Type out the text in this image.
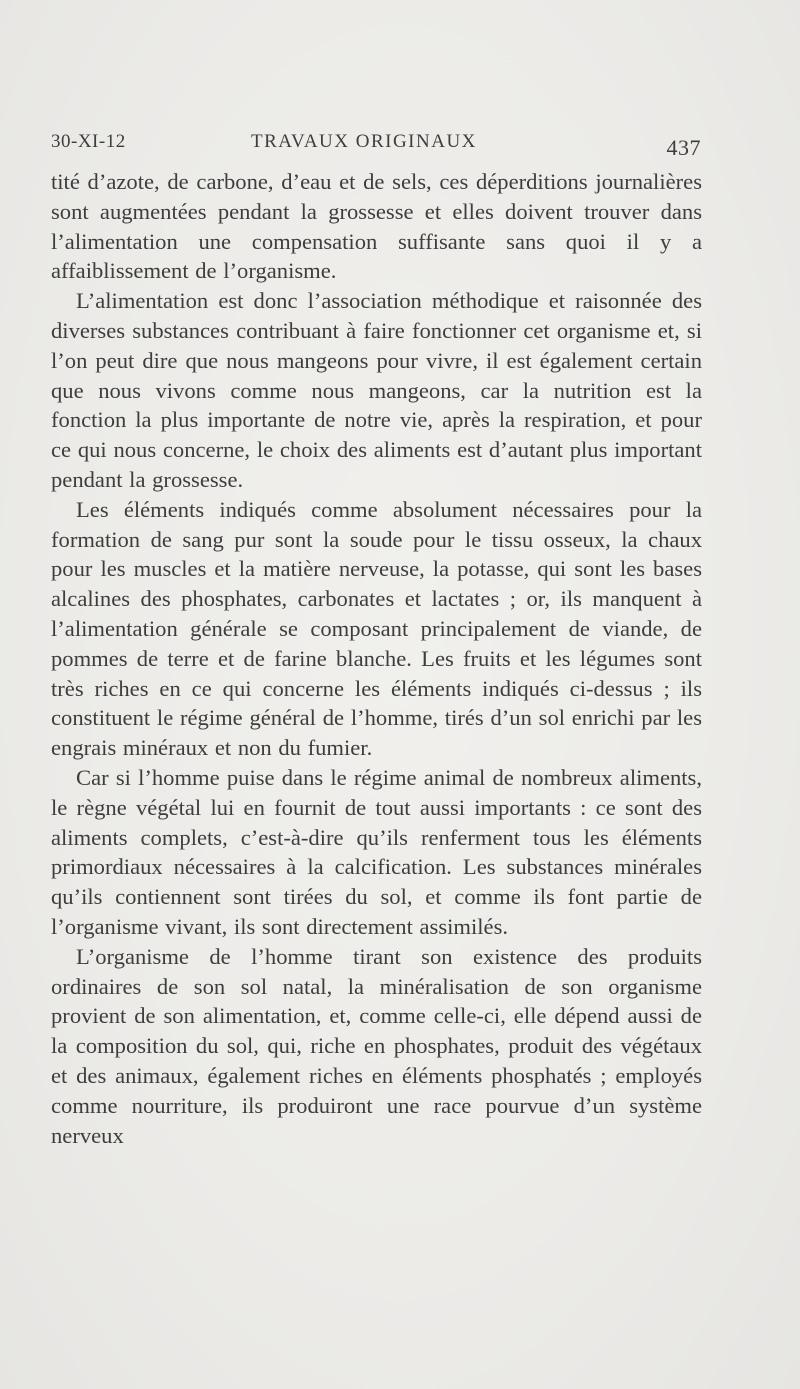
30-XI-12	TRAVAUX ORIGINAUX	437

tité d’azote, de carbone, d’eau et de sels, ces déperditions journalières sont augmentées pendant la grossesse et elles doivent trouver dans l’alimentation une compensation suffisante sans quoi il y a affaiblissement de l’organisme.

L’alimentation est donc l’association méthodique et raisonnée des diverses substances contribuant à faire fonctionner cet organisme et, si l’on peut dire que nous mangeons pour vivre, il est également certain que nous vivons comme nous mangeons, car la nutrition est la fonction la plus importante de notre vie, après la respiration, et pour ce qui nous concerne, le choix des aliments est d’autant plus important pendant la grossesse.

Les éléments indiqués comme absolument nécessaires pour la formation de sang pur sont la soude pour le tissu osseux, la chaux pour les muscles et la matière nerveuse, la potasse, qui sont les bases alcalines des phosphates, carbonates et lactates ; or, ils manquent à l’alimentation générale se composant principalement de viande, de pommes de terre et de farine blanche. Les fruits et les légumes sont très riches en ce qui concerne les éléments indiqués ci-dessus ; ils constituent le régime général de l’homme, tirés d’un sol enrichi par les engrais minéraux et non du fumier.

Car si l’homme puise dans le régime animal de nombreux aliments, le règne végétal lui en fournit de tout aussi importants : ce sont des aliments complets, c’est-à-dire qu’ils renferment tous les éléments primordiaux nécessaires à la calcification. Les substances minérales qu’ils contiennent sont tirées du sol, et comme ils font partie de l’organisme vivant, ils sont directement assimilés.

L’organisme de l’homme tirant son existence des produits ordinaires de son sol natal, la minéralisation de son organisme provient de son alimentation, et, comme celle-ci, elle dépend aussi de la composition du sol, qui, riche en phosphates, produit des végétaux et des animaux, également riches en éléments phosphatés ; employés comme nourriture, ils produiront une race pourvue d’un système nerveux
